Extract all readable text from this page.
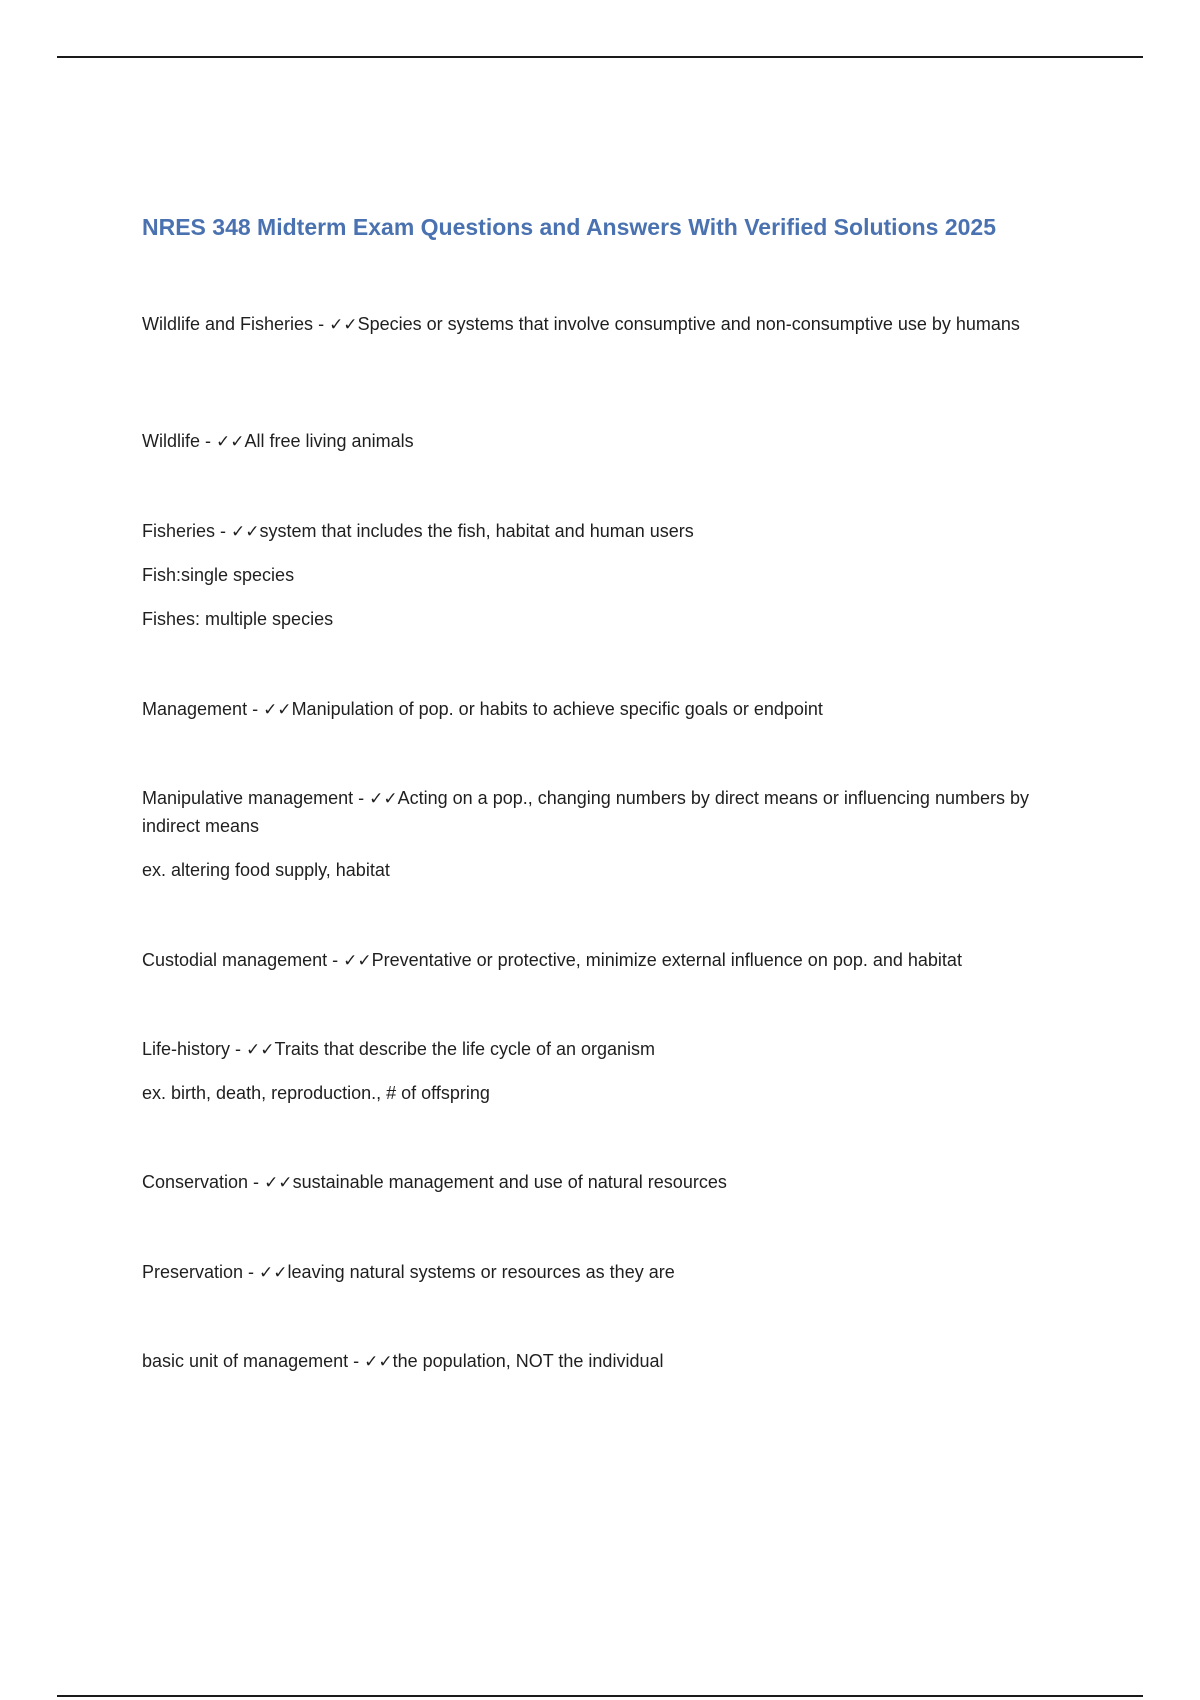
NRES 348 Midterm Exam Questions and Answers With Verified Solutions 2025

Wildlife and Fisheries - ✓✓Species or systems that involve consumptive and non-consumptive use by humans

Wildlife - ✓✓All free living animals

Fisheries - ✓✓system that includes the fish, habitat and human users

Fish:single species

Fishes: multiple species

Management - ✓✓Manipulation of pop. or habits to achieve specific goals or endpoint

Manipulative management - ✓✓Acting on a pop., changing numbers by direct means or influencing numbers by indirect means

ex. altering food supply, habitat

Custodial management - ✓✓Preventative or protective, minimize external influence on pop. and habitat

Life-history - ✓✓Traits that describe the life cycle of an organism

ex. birth, death, reproduction., # of offspring

Conservation - ✓✓sustainable management and use of natural resources

Preservation - ✓✓leaving natural systems or resources as they are

basic unit of management - ✓✓the population, NOT the individual
